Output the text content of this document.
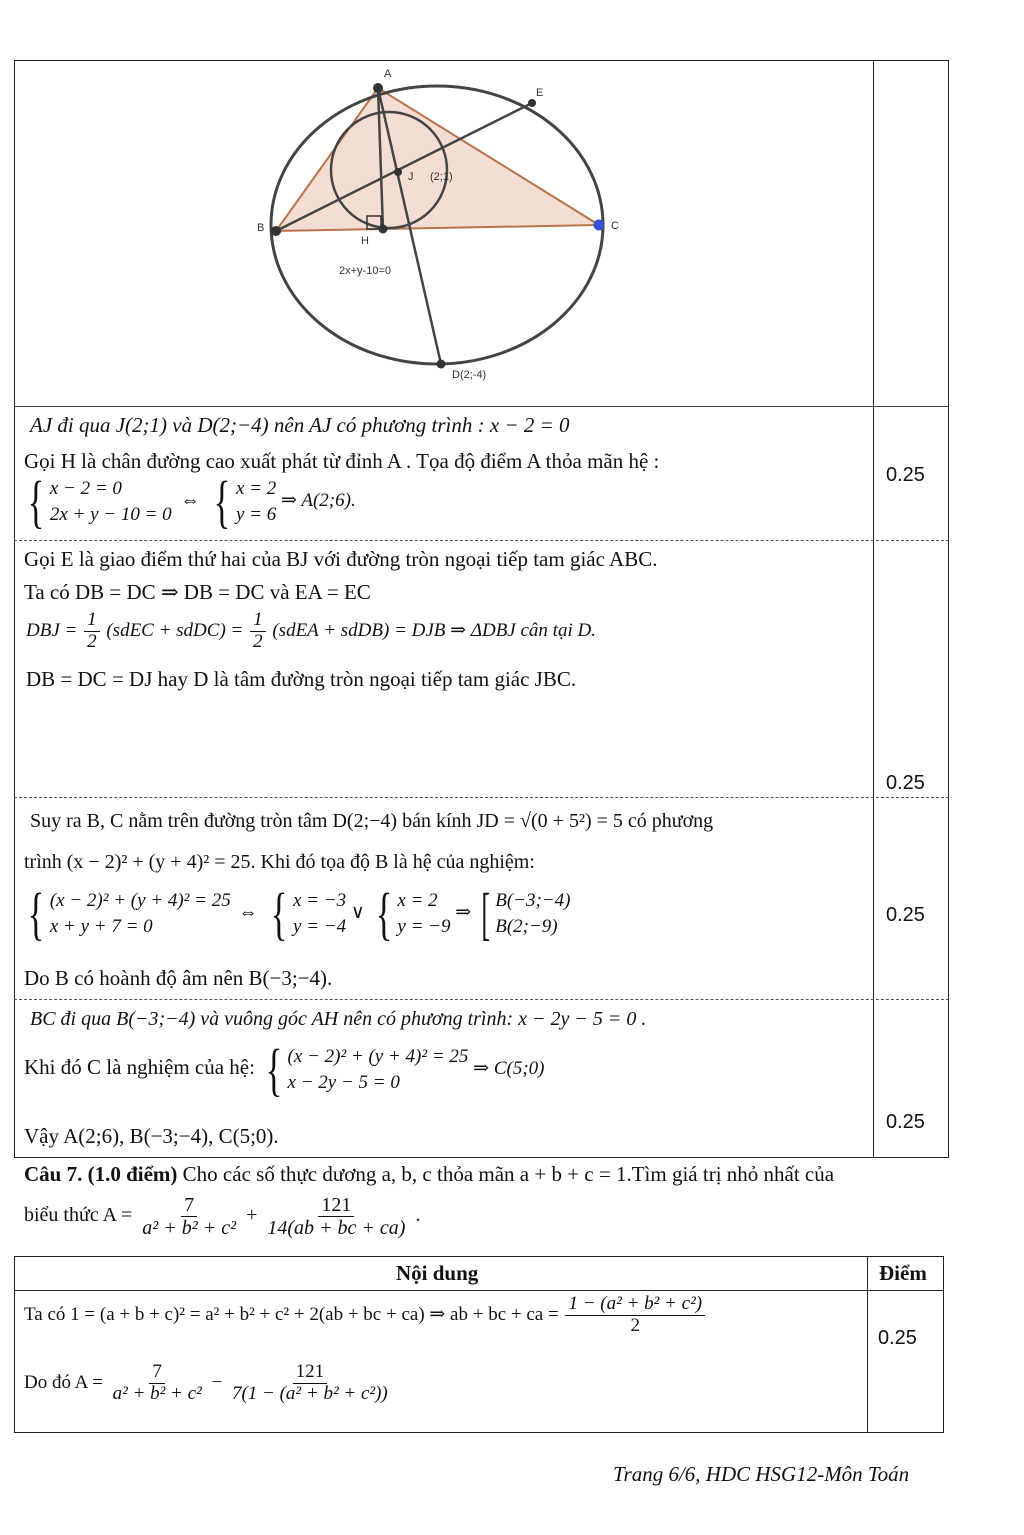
A
E
J (2;1)
B	C
H
2x+y-10=0
D(2;-4)
AJ đi qua J(2;1) và D(2;−4) nên AJ có phương trình : x − 2 = 0
Gọi H là chân đường cao xuất phát từ đỉnh A . Tọa độ điểm A thỏa mãn hệ :
{ x − 2 = 0
2x + y − 10 = 0
⇔ { x = 2
y = 6
⇒ A(2;6).
0.25
Gọi E là giao điểm thứ hai của BJ với đường tròn ngoại tiếp tam giác ABC.
Ta có DB = DC ⇒ DB = DC và EA = EC
DBJ = $\frac{1}{2}$ (sdEC + sdDC) = $\frac{1}{2}$ (sdEA + sdDB) = DJB ⇒ ΔDBJ cân tại D.
DB = DC = DJ hay D là tâm đường tròn ngoại tiếp tam giác JBC.
0.25
Suy ra B, C nằm trên đường tròn tâm D(2;−4) bán kính JD = √(0 + 5²) = 5 có phương
trình (x − 2)² + (y + 4)² = 25. Khi đó tọa độ B là hệ của nghiệm:
{ (x − 2)² + (y + 4)² = 25
x + y + 7 = 0
⇔ { x = −3
y = −4
∨ { x = 2
y = −9
⇒ [ B(−3;−4)
B(2;−9)
Do B có hoành độ âm nên B(−3;−4).
0.25
BC đi qua B(−3;−4) và vuông góc AH nên có phương trình: x − 2y − 5 = 0 .
Khi đó C là nghiệm của hệ: { (x − 2)² + (y + 4)² = 25
x − 2y − 5 = 0
⇒ C(5;0)
Vậy A(2;6), B(−3;−4), C(5;0).
0.25
Câu 7. (1.0 điểm) Cho các số thực dương a, b, c thỏa mãn a + b + c = 1.Tìm giá trị nhỏ nhất của
biểu thức $A = \frac{7}{\text{a² + b² + c²}} + \frac{121}{14(ab + bc + ca)}$ .
Nội dung	Điểm
Ta có 1 = (a + b + c)² = a² + b² + c² + 2(ab + bc + ca) ⇒ ab + bc + ca = $\frac{\text{1 − (a² + b² + c²)}}{2}$
Do đó $A = \frac{7}{\text{a² + b² + c²}} - \frac{121}{\text{7(1 − (a² + b² + c²))}}$
0.25
Trang 6/6, HDC HSG12-Môn Toán
